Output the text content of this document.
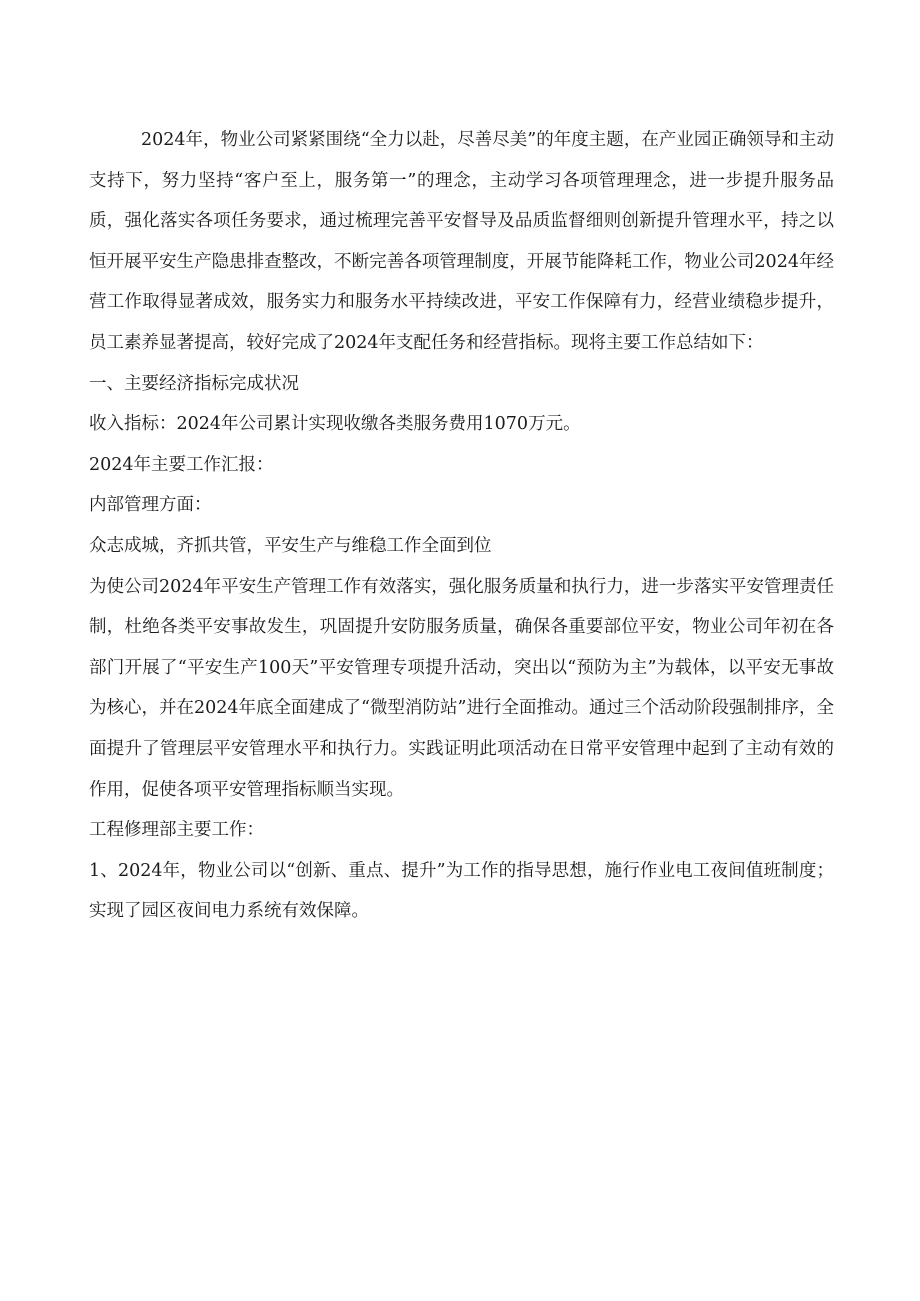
2024年，物业公司紧紧围绕“全力以赴，尽善尽美”的年度主题，在产业园正确领导和主动支持下，努力坚持“客户至上，服务第一”的理念，主动学习各项管理理念，进一步提升服务品质，强化落实各项任务要求，通过梳理完善平安督导及品质监督细则创新提升管理水平，持之以恒开展平安生产隐患排查整改，不断完善各项管理制度，开展节能降耗工作，物业公司2024年经营工作取得显著成效，服务实力和服务水平持续改进，平安工作保障有力，经营业绩稳步提升，员工素养显著提高，较好完成了2024年支配任务和经营指标。现将主要工作总结如下：

一、主要经济指标完成状况

收入指标：2024年公司累计实现收缴各类服务费用1070万元。

2024年主要工作汇报：

内部管理方面：

众志成城，齐抓共管，平安生产与维稳工作全面到位

为使公司2024年平安生产管理工作有效落实，强化服务质量和执行力，进一步落实平安管理责任制，杜绝各类平安事故发生，巩固提升安防服务质量，确保各重要部位平安，物业公司年初在各部门开展了“平安生产100天”平安管理专项提升活动，突出以“预防为主”为载体，以平安无事故为核心，并在2024年底全面建成了“微型消防站”进行全面推动。通过三个活动阶段强制排序，全面提升了管理层平安管理水平和执行力。实践证明此项活动在日常平安管理中起到了主动有效的作用，促使各项平安管理指标顺当实现。

工程修理部主要工作：

1、2024年，物业公司以“创新、重点、提升”为工作的指导思想，施行作业电工夜间值班制度；实现了园区夜间电力系统有效保障。
